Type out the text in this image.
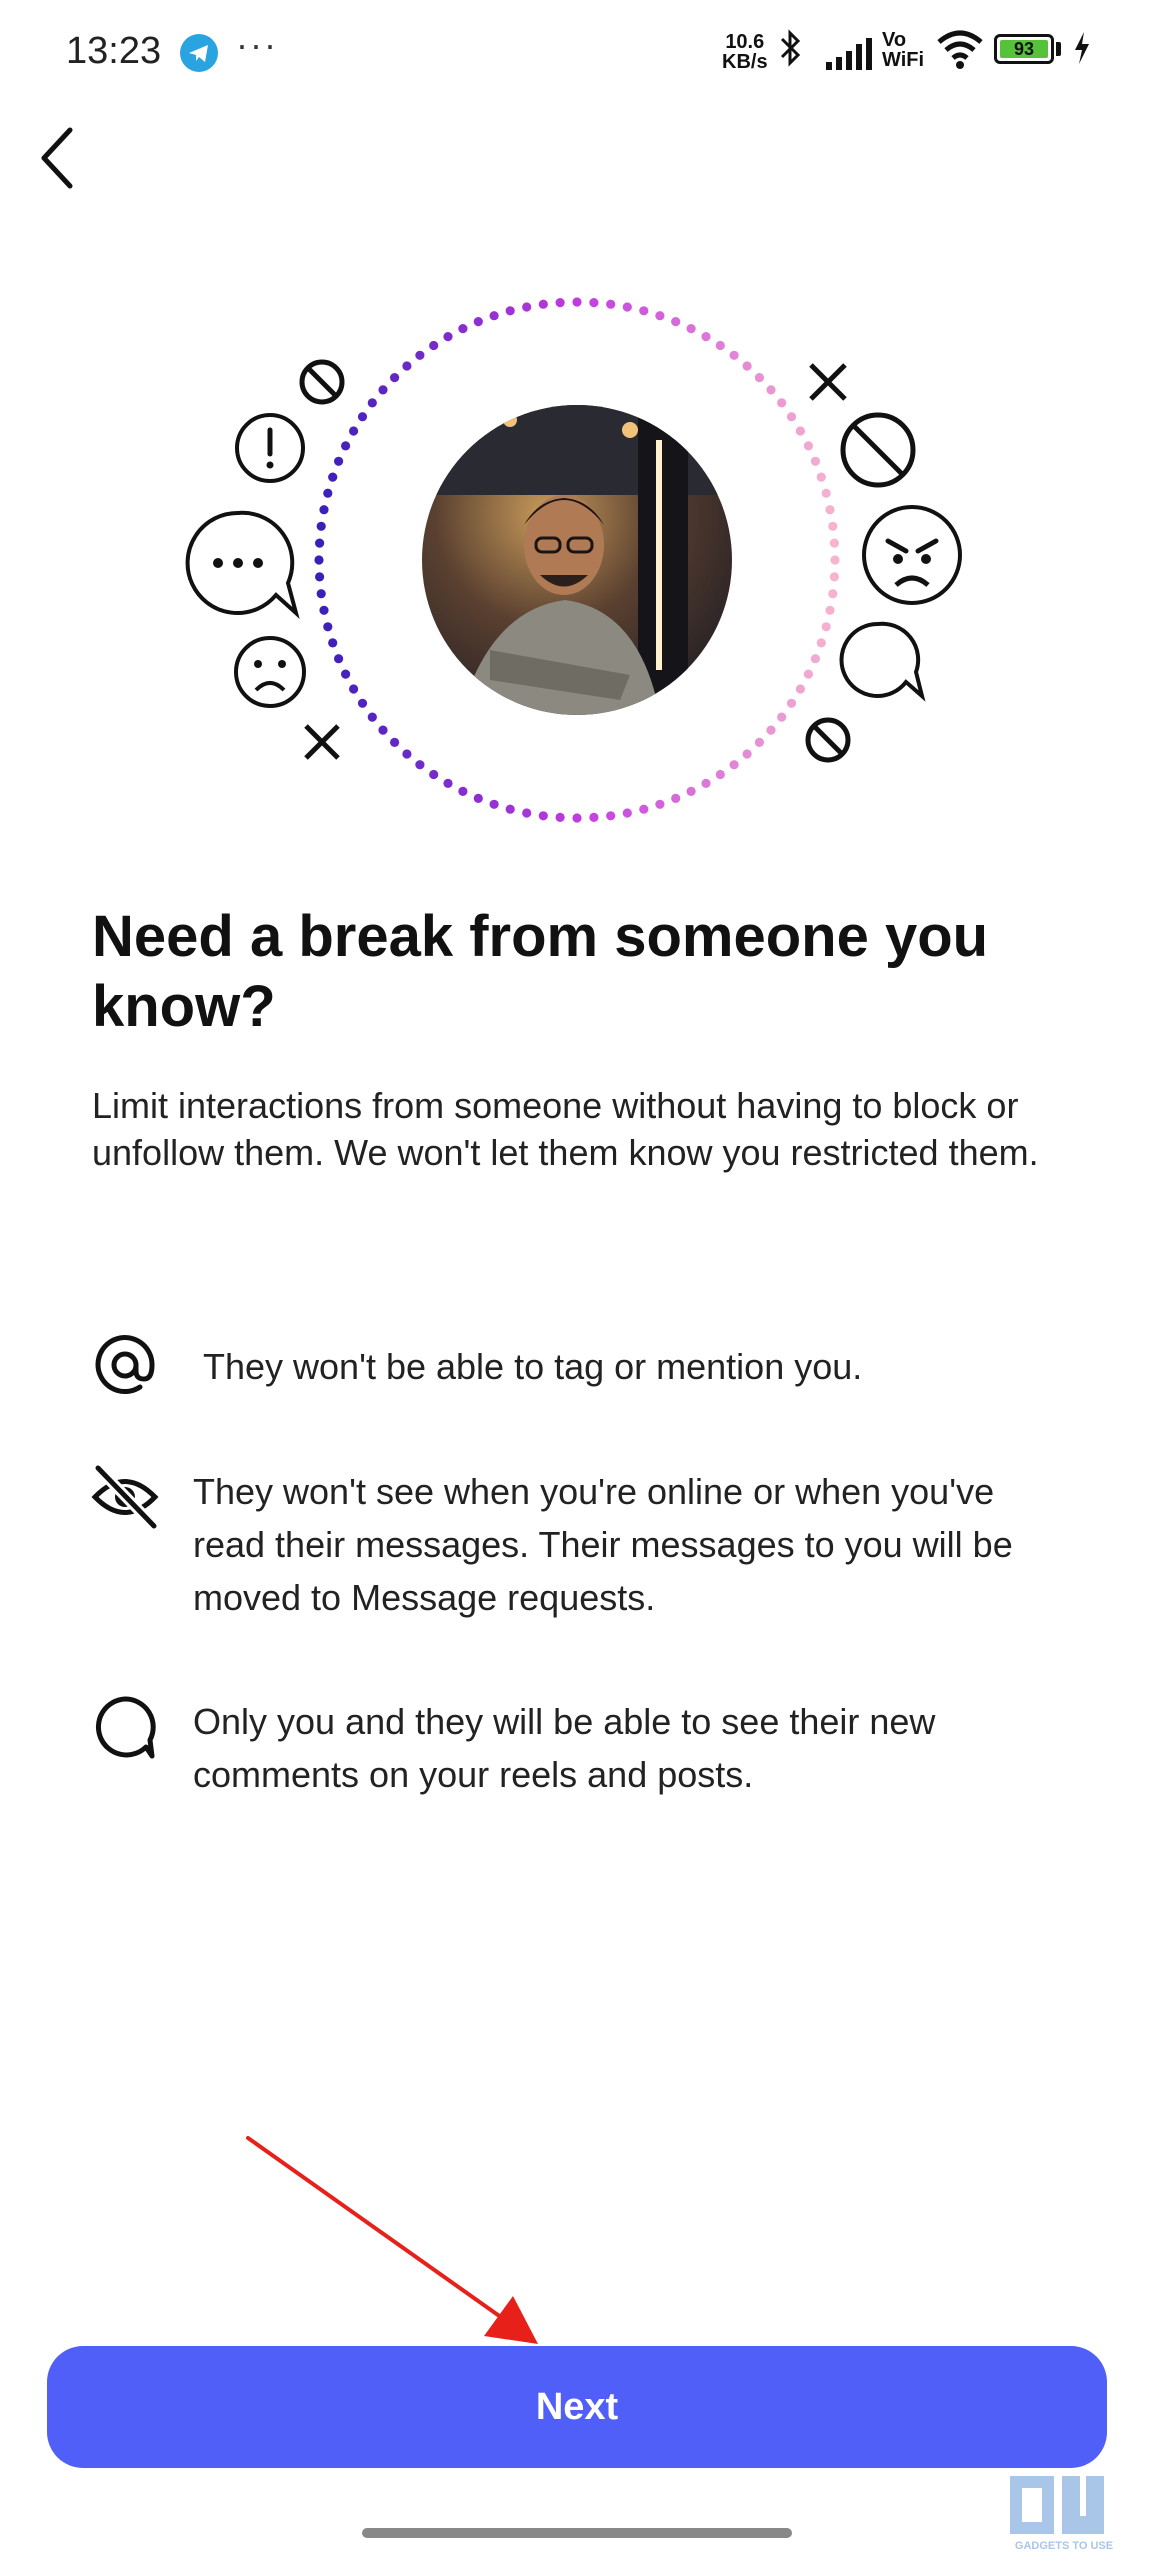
13:23 ···	10.6
KB/s
Vo
WiFi	93
Need a break from someone you know?

Limit interactions from someone without having to block or unfollow them. We won't let them know you restricted them.

They won't be able to tag or mention you.

They won't see when you're online or when you've read their messages. Their messages to you will be moved to Message requests.

Only you and they will be able to see their new comments on your reels and posts.

Next
GADGETS TO USE
